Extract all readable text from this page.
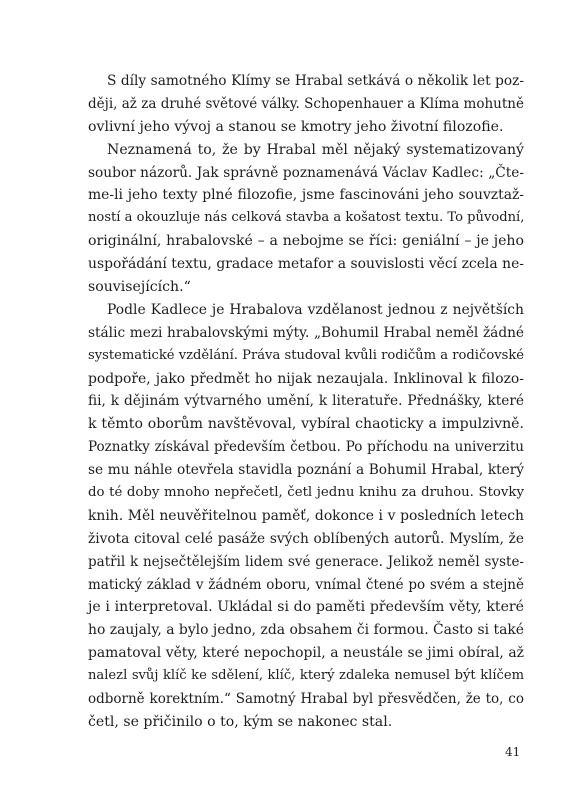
S díly samotného Klímy se Hrabal setkává o několik let poz-
ději, až za druhé světové války. Schopenhauer a Klíma mohutně
ovlivní jeho vývoj a stanou se kmotry jeho životní filozofie.
Neznamená to, že by Hrabal měl nějaký systematizovaný
soubor názorů. Jak správně poznamenává Václav Kadlec: „Čte-
me-li jeho texty plné filozofie, jsme fascinováni jeho souvztaž-
ností a okouzluje nás celková stavba a košatost textu. To původní,
originální, hrabalovské – a nebojme se říci: geniální – je jeho
uspořádání textu, gradace metafor a souvislosti věcí zcela ne-
souvisejících.“
Podle Kadlece je Hrabalova vzdělanost jednou z největších
stálic mezi hrabalovskými mýty. „Bohumil Hrabal neměl žádné
systematické vzdělání. Práva studoval kvůli rodičům a rodičovské
podpoře, jako předmět ho nijak nezaujala. Inklinoval k filozo-
fii, k dějinám výtvarného umění, k literatuře. Přednášky, které
k těmto oborům navštěvoval, vybíral chaoticky a impulzivně.
Poznatky získával především četbou. Po příchodu na univerzitu
se mu náhle otevřela stavidla poznání a Bohumil Hrabal, který
do té doby mnoho nepřečetl, četl jednu knihu za druhou. Stovky
knih. Měl neuvěřitelnou paměť, dokonce i v posledních letech
života citoval celé pasáže svých oblíbených autorů. Myslím, že
patřil k nejsečtělejším lidem své generace. Jelikož neměl syste-
matický základ v žádném oboru, vnímal čtené po svém a stejně
je i interpretoval. Ukládal si do paměti především věty, které
ho zaujaly, a bylo jedno, zda obsahem či formou. Často si také
pamatoval věty, které nepochopil, a neustále se jimi obíral, až
nalezl svůj klíč ke sdělení, klíč, který zdaleka nemusel být klíčem
odborně korektním.“ Samotný Hrabal byl přesvědčen, že to, co
četl, se přičinilo o to, kým se nakonec stal.
41
